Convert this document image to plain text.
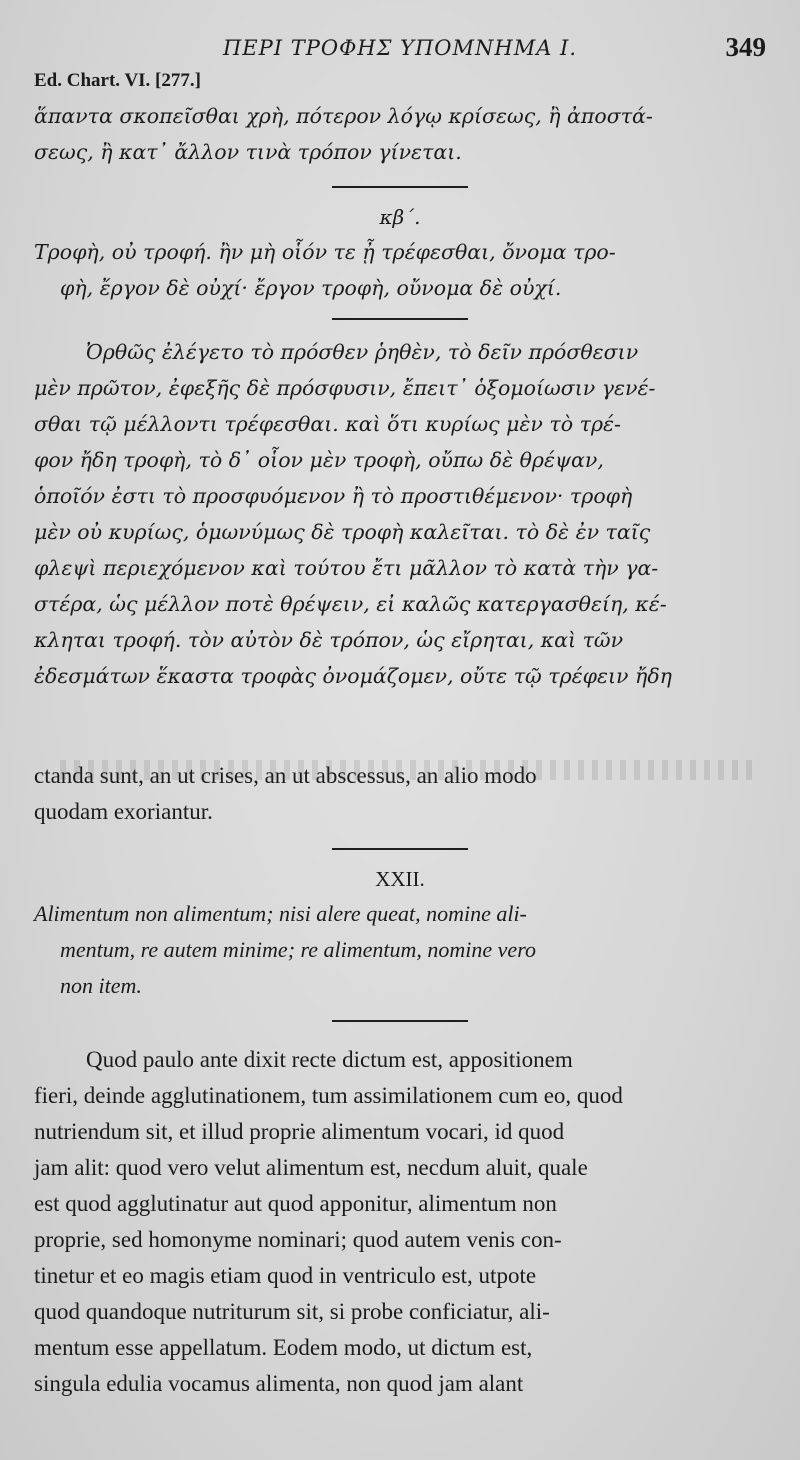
ΠΕΡΙ ΤΡΟΦΗΣ ΥΠΟΜΝΗΜΑ Ι.	349
Ed. Chart. VI. [277.]

ἅπαντα σκοπεῖσθαι χρὴ, πότερον λόγῳ κρίσεως, ἢ ἀποστά-

σεως, ἢ κατ᾽ ἄλλον τινὰ τρόπον γίνεται.

κβ΄.

Τροφὴ, οὐ τροφή. ἢν μὴ οἷόν τε ᾖ τρέφεσθαι, ὄνομα τρο-

φὴ, ἔργον δὲ οὐχί· ἔργον τροφὴ, οὔνομα δὲ οὐχί.

Ὀρθῶς ἐλέγετο τὸ πρόσθεν ῥηθὲν, τὸ δεῖν πρόσθεσιν

μὲν πρῶτον, ἐφεξῆς δὲ πρόσφυσιν, ἔπειτ᾽ ὁξομοίωσιν γενέ-

σθαι τῷ μέλλοντι τρέφεσθαι. καὶ ὅτι κυρίως μὲν τὸ τρέ-

φον ἤδη τροφὴ, τὸ δ᾽ οἷον μὲν τροφὴ, οὔπω δὲ θρέψαν,

ὁποῖόν ἐστι τὸ προσφυόμενον ἢ τὸ προστιθέμενον· τροφὴ

μὲν οὐ κυρίως, ὁμωνύμως δὲ τροφὴ καλεῖται. τὸ δὲ ἐν ταῖς

φλεψὶ περιεχόμενον καὶ τούτου ἔτι μᾶλλον τὸ κατὰ τὴν γα-

στέρα, ὡς μέλλον ποτὲ θρέψειν, εἰ καλῶς κατεργασθείη, κέ-

κληται τροφή. τὸν αὐτὸν δὲ τρόπον, ὡς εἴρηται, καὶ τῶν

ἐδεσμάτων ἕκαστα τροφὰς ὀνομάζομεν, οὔτε τῷ τρέφειν ἤδη

ctanda sunt, an ut crises, an ut abscessus, an alio modo

quodam exoriantur.

XXII.

Alimentum non alimentum; nisi alere queat, nomine ali-

mentum, re autem minime; re alimentum, nomine vero

non item.

Quod paulo ante dixit recte dictum est, appositionem

fieri, deinde agglutinationem, tum assimilationem cum eo, quod

nutriendum sit, et illud proprie alimentum vocari, id quod

jam alit: quod vero velut alimentum est, necdum aluit, quale

est quod agglutinatur aut quod apponitur, alimentum non

proprie, sed homonyme nominari; quod autem venis con-

tinetur et eo magis etiam quod in ventriculo est, utpote

quod quandoque nutriturum sit, si probe conficiatur, ali-

mentum esse appellatum. Eodem modo, ut dictum est,

singula edulia vocamus alimenta, non quod jam alant
